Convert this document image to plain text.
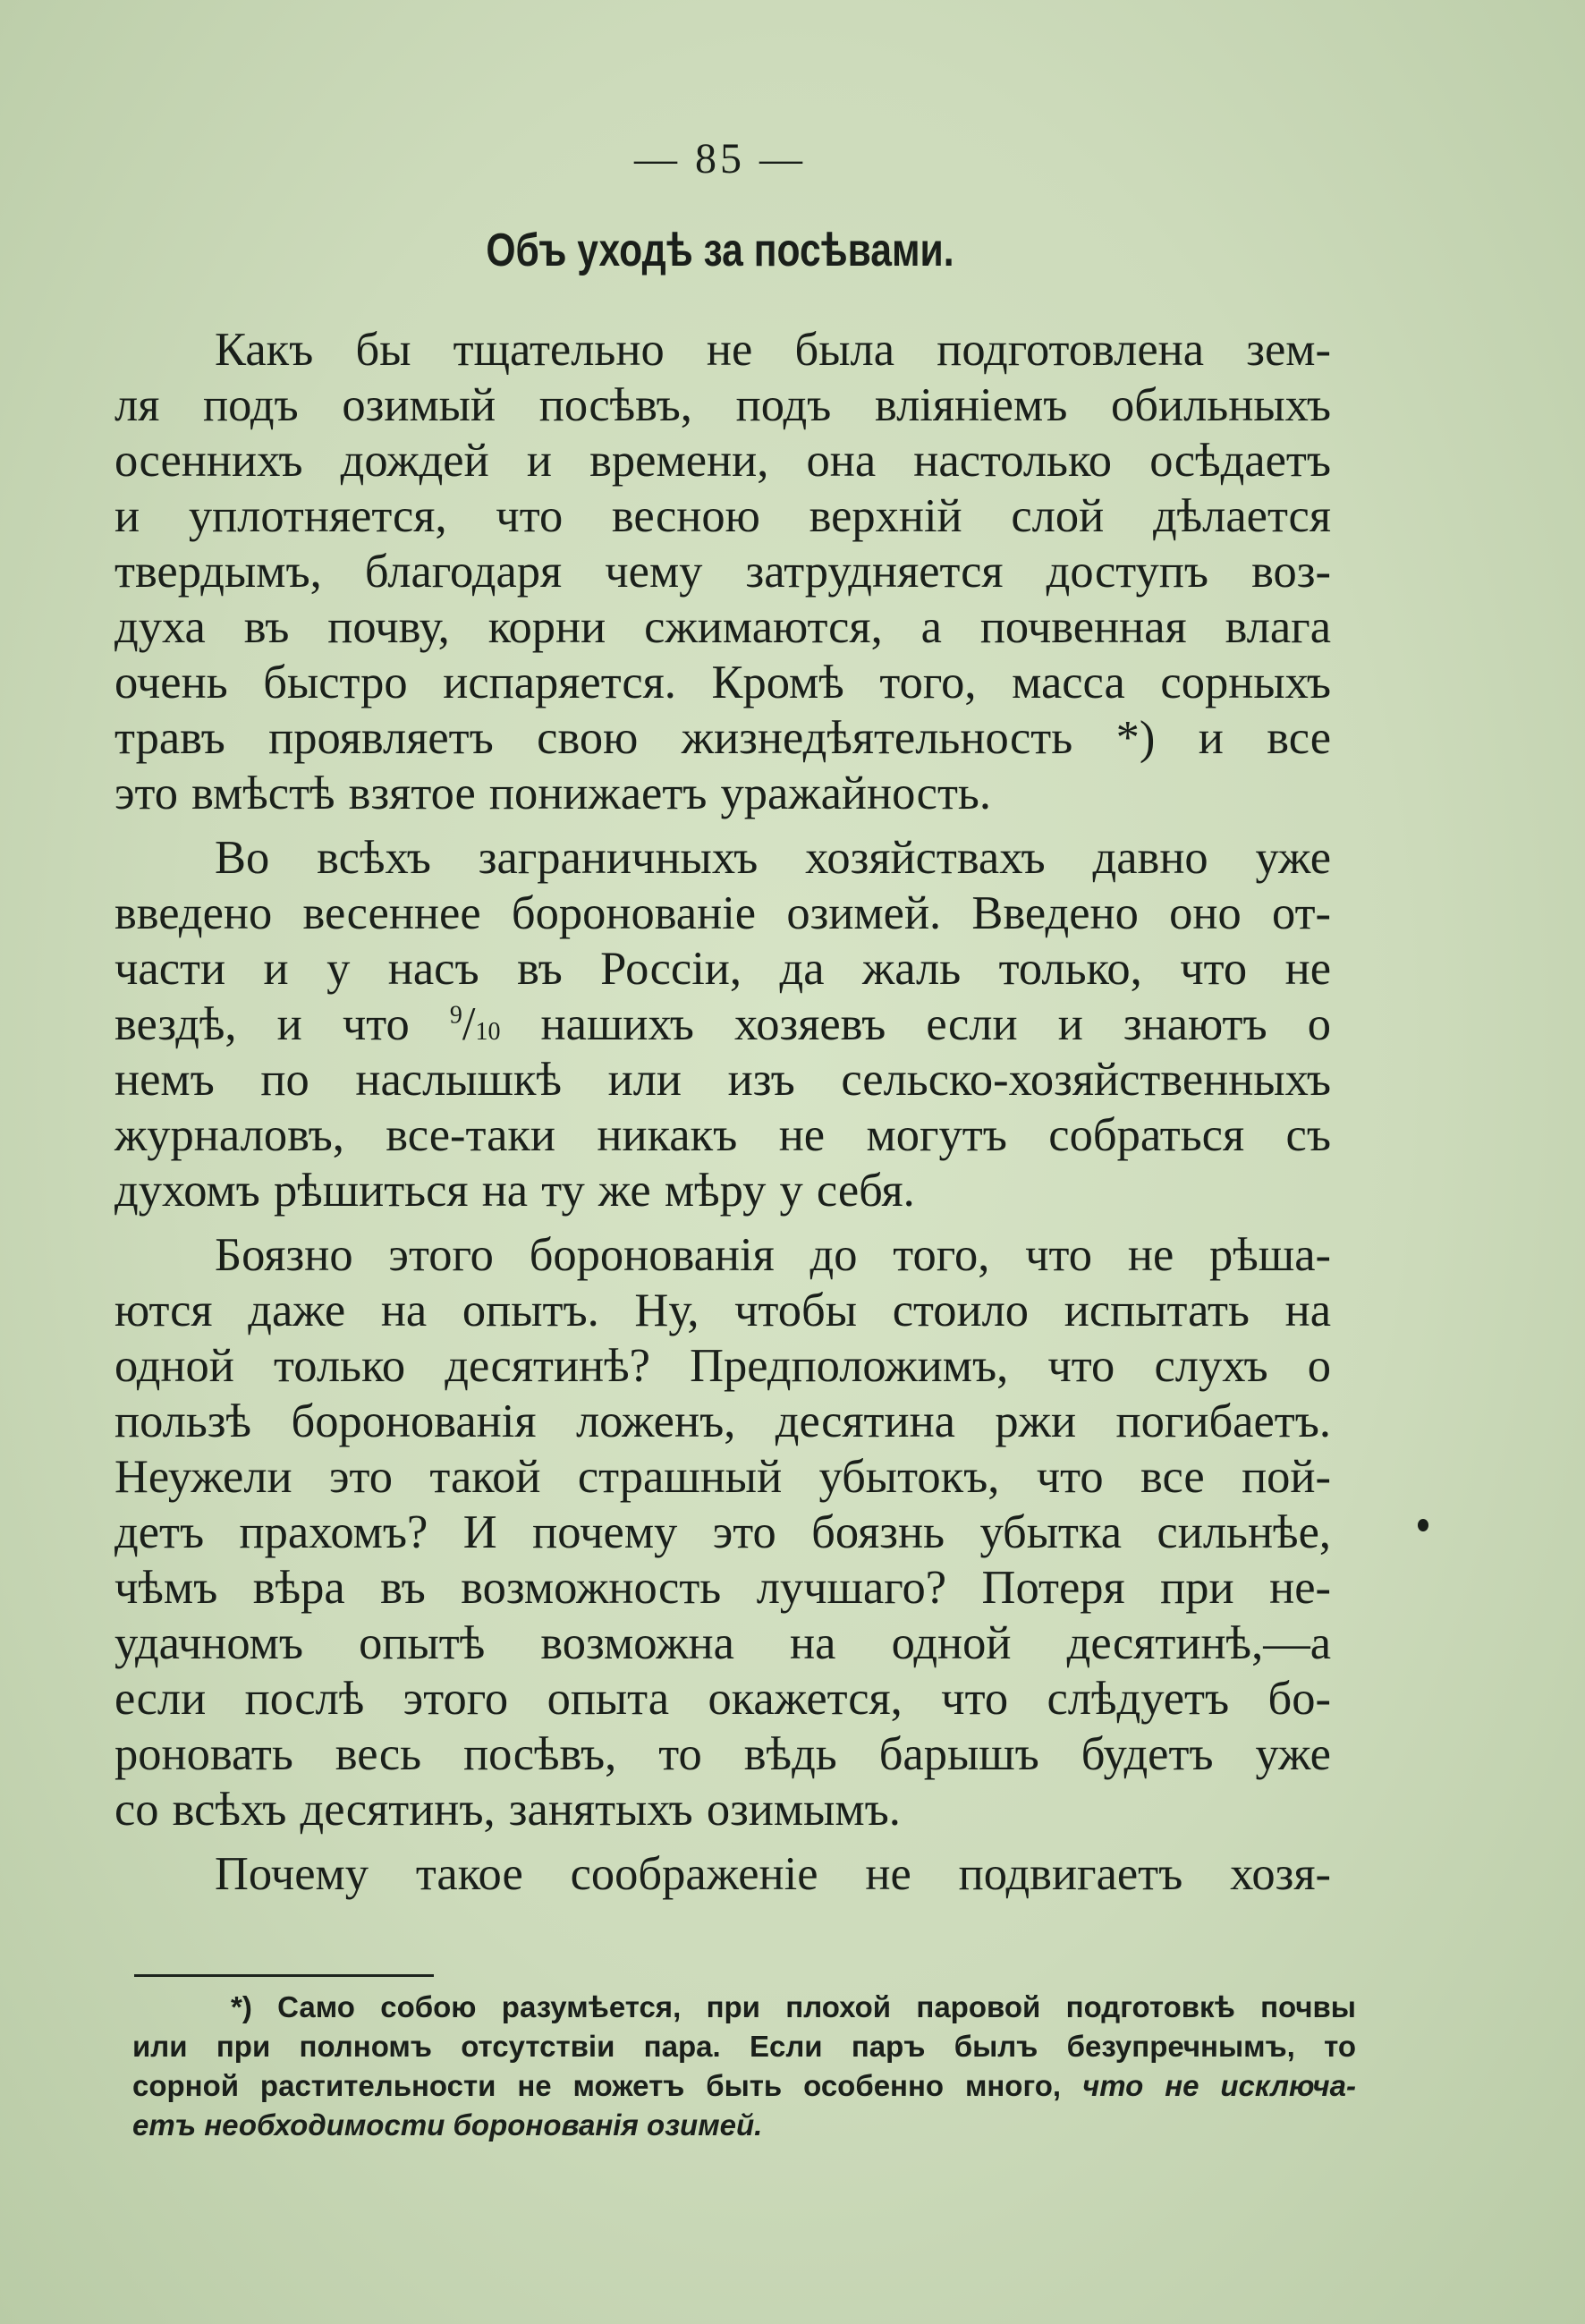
— 85 —
Объ уходѣ за посѣвами.
Какъ бы тщательно не была подготовлена зем-
ля подъ озимый посѣвъ, подъ вліяніемъ обильныхъ
осеннихъ дождей и времени, она настолько осѣдаетъ
и уплотняется, что весною верхній слой дѣлается
твердымъ, благодаря чему затрудняется доступъ воз-
духа въ почву, корни сжимаются, а почвенная влага
очень быстро испаряется. Кромѣ того, масса сорныхъ
травъ проявляетъ свою жизнедѣятельность *) и все
это вмѣстѣ взятое понижаетъ уражайность.
Во всѣхъ заграничныхъ хозяйствахъ давно уже
введено весеннее боронованіе озимей. Введено оно от-
части и у насъ въ Россіи, да жаль только, что не
вездѣ, и что $^9$/10 нашихъ хозяевъ если и знаютъ о
немъ по наслышкѣ или изъ сельско-хозяйственныхъ
журналовъ, все-таки никакъ не могутъ собраться съ
духомъ рѣшиться на ту же мѣру у себя.
Боязно этого боронованія до того, что не рѣша-
ются даже на опытъ. Ну, чтобы стоило испытать на
одной только десятинѣ? Предположимъ, что слухъ о
пользѣ боронованія ложенъ, десятина ржи погибаетъ.
Неужели это такой страшный убытокъ, что все пой-
детъ прахомъ? И почему это боязнь убытка сильнѣе,
чѣмъ вѣра въ возможность лучшаго? Потеря при не-
удачномъ опытѣ возможна на одной десятинѣ,—а
если послѣ этого опыта окажется, что слѣдуетъ бо-
роновать весь посѣвъ, то вѣдь барышъ будетъ уже
со всѣхъ десятинъ, занятыхъ озимымъ.
Почему такое соображеніе не подвигаетъ хозя-
*) Само собою разумѣется, при плохой паровой подготовкѣ почвы
или при полномъ отсутствіи пара. Если паръ былъ безупречнымъ, то
сорной растительности не можетъ быть особенно много, что не исключа-
етъ необходимости боронованія озимей.
